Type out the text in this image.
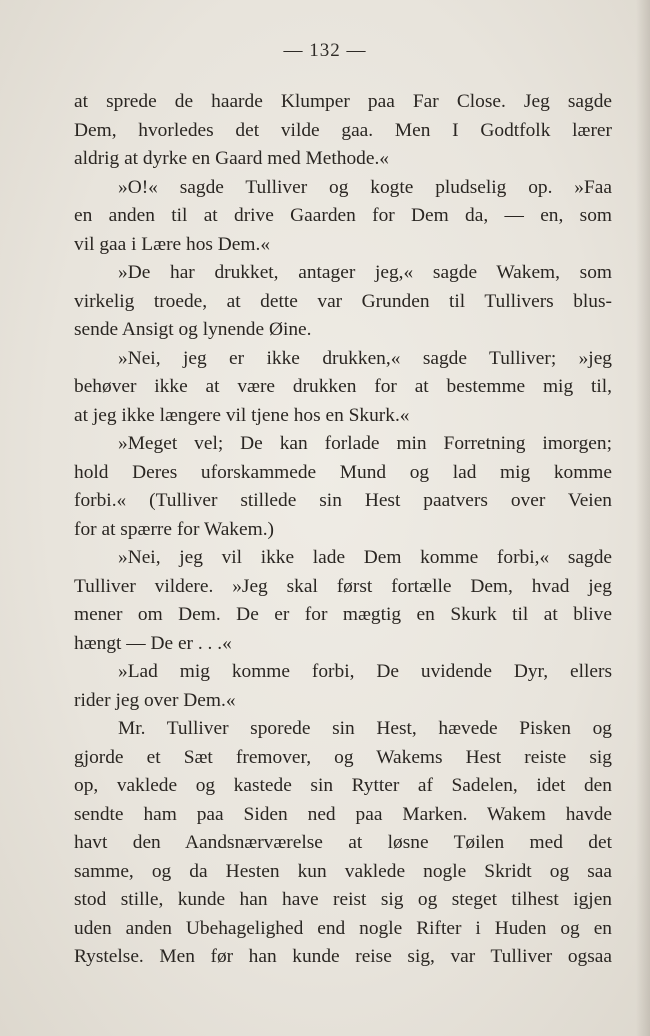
— 132 —
at sprede de haarde Klumper paa Far Close. Jeg sagde
Dem, hvorledes det vilde gaa. Men I Godtfolk lærer
aldrig at dyrke en Gaard med Methode.«
»O!« sagde Tulliver og kogte pludselig op. »Faa
en anden til at drive Gaarden for Dem da, — en, som
vil gaa i Lære hos Dem.«
»De har drukket, antager jeg,« sagde Wakem, som
virkelig troede, at dette var Grunden til Tullivers blus-
sende Ansigt og lynende Øine.
»Nei, jeg er ikke drukken,« sagde Tulliver; »jeg
behøver ikke at være drukken for at bestemme mig til,
at jeg ikke længere vil tjene hos en Skurk.«
»Meget vel; De kan forlade min Forretning imorgen;
hold Deres uforskammede Mund og lad mig komme
forbi.« (Tulliver stillede sin Hest paatvers over Veien
for at spærre for Wakem.)
»Nei, jeg vil ikke lade Dem komme forbi,« sagde
Tulliver vildere. »Jeg skal først fortælle Dem, hvad jeg
mener om Dem. De er for mægtig en Skurk til at blive
hængt — De er . . .«
»Lad mig komme forbi, De uvidende Dyr, ellers
rider jeg over Dem.«
Mr. Tulliver sporede sin Hest, hævede Pisken og
gjorde et Sæt fremover, og Wakems Hest reiste sig
op, vaklede og kastede sin Rytter af Sadelen, idet den
sendte ham paa Siden ned paa Marken. Wakem havde
havt den Aandsnærværelse at løsne Tøilen med det
samme, og da Hesten kun vaklede nogle Skridt og saa
stod stille, kunde han have reist sig og steget tilhest igjen
uden anden Ubehagelighed end nogle Rifter i Huden og en
Rystelse. Men før han kunde reise sig, var Tulliver ogsaa
